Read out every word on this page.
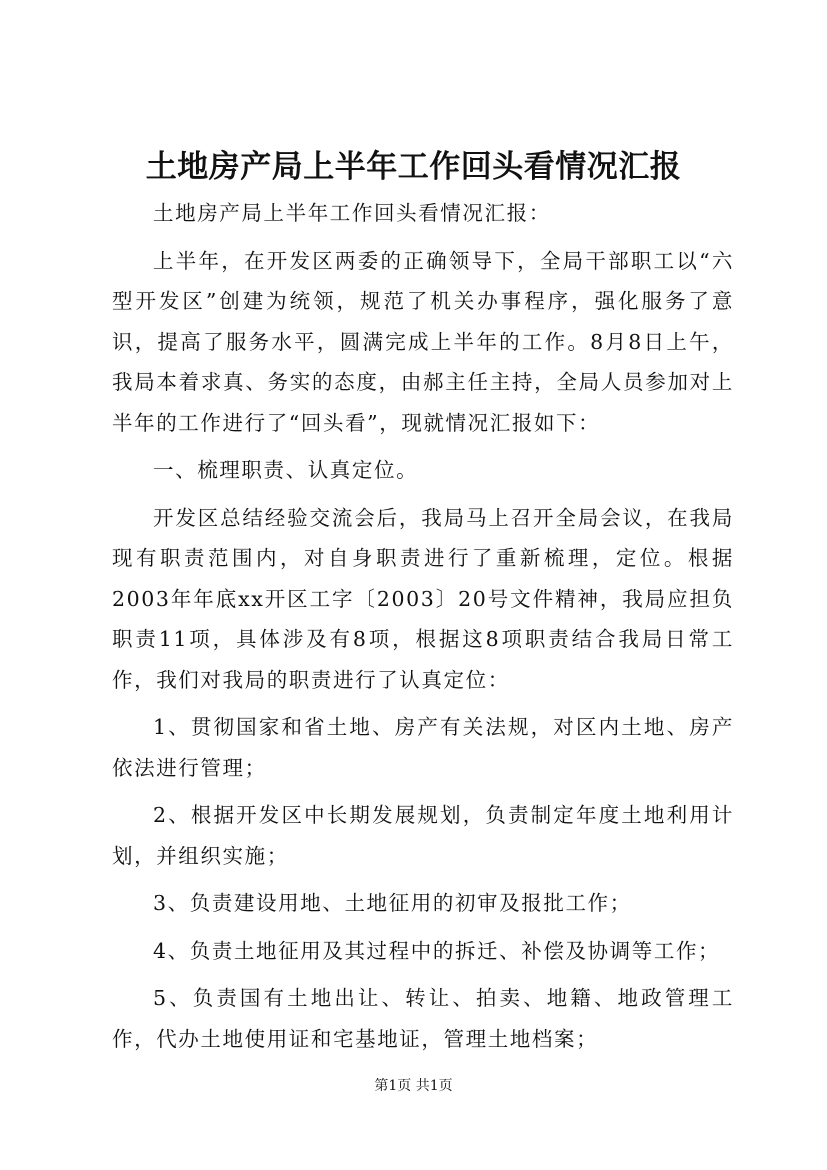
土地房产局上半年工作回头看情况汇报

土地房产局上半年工作回头看情况汇报：

上半年，在开发区两委的正确领导下，全局干部职工以“六型开发区”创建为统领，规范了机关办事程序，强化服务了意识，提高了服务水平，圆满完成上半年的工作。8月8日上午，我局本着求真、务实的态度，由郝主任主持，全局人员参加对上半年的工作进行了“回头看”，现就情况汇报如下：

一、梳理职责、认真定位。

开发区总结经验交流会后，我局马上召开全局会议，在我局现有职责范围内，对自身职责进行了重新梳理，定位。根据2003年年底xx开区工字〔2003〕20号文件精神，我局应担负职责11项，具体涉及有8项，根据这8项职责结合我局日常工作，我们对我局的职责进行了认真定位：

1、贯彻国家和省土地、房产有关法规，对区内土地、房产依法进行管理；

2、根据开发区中长期发展规划，负责制定年度土地利用计划，并组织实施；

3、负责建设用地、土地征用的初审及报批工作；

4、负责土地征用及其过程中的拆迁、补偿及协调等工作；

5、负责国有土地出让、转让、拍卖、地籍、地政管理工作，代办土地使用证和宅基地证，管理土地档案；

第1页 共1页
